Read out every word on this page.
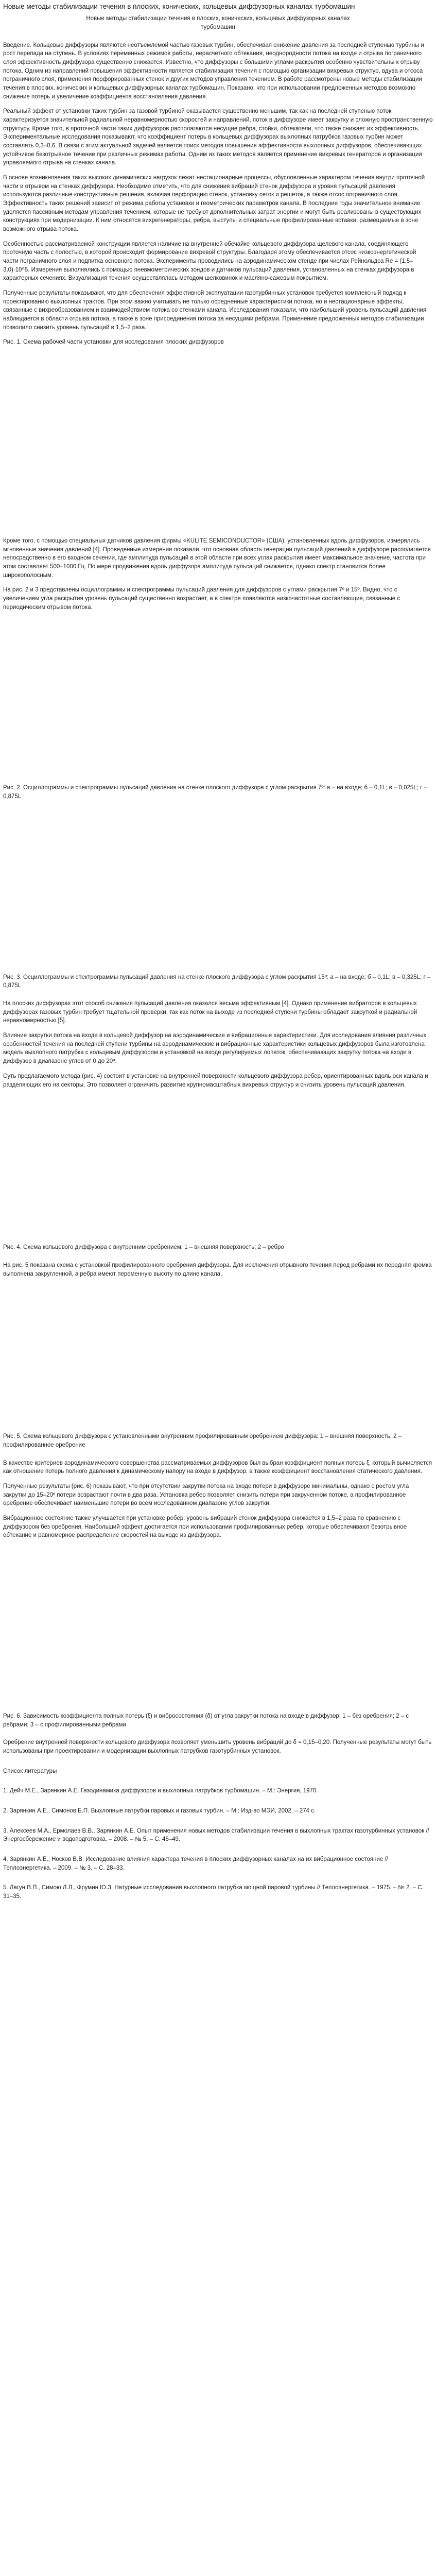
Новые методы стабилизации течения в плоских, конических, кольцевых диффузорных каналах турбомашин
Новые методы стабилизации течения в плоских, конических, кольцевых диффузорных каналах турбомашин

Введение. Кольцевые диффузоры являются неотъемлемой частью газовых турбин, обеспечивая снижение давления за последней ступенью турбины и рост перепада на ступень. В условиях переменных режимов работы, нерасчетного обтекания, неоднородности потока на входе и отрыва пограничного слоя эффективность диффузора существенно снижается. Известно, что диффузоры с большими углами раскрытия особенно чувствительны к отрыву потока. Одним из направлений повышения эффективности является стабилизация течения с помощью организации вихревых структур, вдува и отсоса пограничного слоя, применения перфорированных стенок и других методов управления течением. В работе рассмотрены новые методы стабилизации течения в плоских, конических и кольцевых диффузорных каналах турбомашин. Показано, что при использовании предложенных методов возможно снижение потерь и увеличение коэффициента восстановления давления.

Реальный эффект от установки таких турбин за газовой турбиной оказывается существенно меньшим, так как на последней ступенью поток характеризуется значительной радиальной неравномерностью скоростей и направлений, поток в диффузоре имеет закрутку и сложную пространственную структуру. Кроме того, в проточной части таких диффузоров располагаются несущие ребра, стойки, обтекатели, что также снижает их эффективность. Экспериментальные исследования показывают, что коэффициент потерь в кольцевых диффузорах выхлопных патрубков газовых турбин может составлять 0,3–0,6. В связи с этим актуальной задачей является поиск методов повышения эффективности выхлопных диффузоров, обеспечивающих устойчивое безотрывное течение при различных режимах работы. Одним из таких методов является применение вихревых генераторов и организация управляемого отрыва на стенках канала.

В основе возникновения таких высоких динамических нагрузок лежат нестационарные процессы, обусловленные характером течения внутри проточной части и отрывом на стенках диффузора. Необходимо отметить, что для снижения вибраций стенок диффузора и уровня пульсаций давления используются различные конструктивные решения, включая перфорацию стенок, установку сеток и решеток, а также отсос пограничного слоя. Эффективность таких решений зависит от режима работы установки и геометрических параметров канала. В последние годы значительное внимание уделяется пассивным методам управления течением, которые не требуют дополнительных затрат энергии и могут быть реализованы в существующих конструкциях при модернизации. К ним относятся вихрегенераторы, ребра, выступы и специальные профилированные вставки, размещаемые в зоне возможного отрыва потока.

Особенностью рассматриваемой конструкции является наличие на внутренней обечайке кольцевого диффузора щелевого канала, соединяющего проточную часть с полостью, в которой происходит формирование вихревой структуры. Благодаря этому обеспечивается отсос низкоэнергетической части пограничного слоя и подпитка основного потока. Эксперименты проводились на аэродинамическом стенде при числах Рейнольдса Re = (1,5–3,0)·10^5. Измерения выполнялись с помощью пневмометрических зондов и датчиков пульсаций давления, установленных на стенках диффузора в характерных сечениях. Визуализация течения осуществлялась методом шелковинок и масляно-сажевым покрытием.

Полученные результаты показывают, что для обеспечения эффективной эксплуатации газотурбинных установок требуется комплексный подход к проектированию выхлопных трактов. При этом важно учитывать не только осредненные характеристики потока, но и нестационарные эффекты, связанные с вихреобразованием и взаимодействием потока со стенками канала. Исследования показали, что наибольший уровень пульсаций давления наблюдается в области отрыва потока, а также в зоне присоединения потока за несущими ребрами. Применение предложенных методов стабилизации позволило снизить уровень пульсаций в 1,5–2 раза.

Рис. 1. Схема рабочей части установки для исследования плоских диффузоров

Кроме того, с помощью специальных датчиков давления фирмы «KULITE SEMICONDUCTOR» (США), установленных вдоль диффузоров, измерялись мгновенные значения давлений [4]. Проведенные измерения показали, что основная область генерации пульсаций давлений в диффузоре располагается непосредственно в его входном сечении, где амплитуда пульсаций в этой области при всех углах раскрытия имеет максимальное значение, частота при этом составляет 500–1000 Гц. По мере продвижения вдоль диффузора амплитуда пульсаций снижается, однако спектр становится более широкополосным.

На рис. 2 и 3 представлены осциллограммы и спектрограммы пульсаций давления для диффузоров с углами раскрытия 7º и 15º. Видно, что с увеличением угла раскрытия уровень пульсаций существенно возрастает, а в спектре появляются низкочастотные составляющие, связанные с периодическим отрывом потока.

Рис. 2. Осциллограммы и спектрограммы пульсаций давления на стенке плоского диффузора с углом раскрытия 7º: а – на входе; б – 0,1L; в – 0,025L; г – 0,875L
Рис. 3. Осциллограммы и спектрограммы пульсаций давления на стенке плоского диффузора с углом раскрытия 15º: а – на входе; б – 0,1L; в – 0,325L; г – 0,875L

На плоских диффузорах этот способ снижения пульсаций давления оказался весьма эффективным [4]. Однако применение вибраторов в кольцевых диффузорах газовых турбин требует тщательной проверки, так как поток на выходе из последней ступени турбины обладает закруткой и радиальной неравномерностью [5].

Влияние закрутки потока на входе в кольцевой диффузор на аэродинамические и вибрационные характеристики. Для исследования влияния различных особенностей течения на последней ступени турбины на аэродинамические и вибрационные характеристики кольцевых диффузоров была изготовлена модель выхлопного патрубка с кольцевым диффузором и установкой на входе регулируемых лопаток, обеспечивающих закрутку потока на входе в диффузор в диапазоне углов от 0 до 20º.

Суть предлагаемого метода (рис. 4) состоит в установке на внутренней поверхности кольцевого диффузора ребер, ориентированных вдоль оси канала и разделяющих его на секторы. Это позволяет ограничить развитие крупномасштабных вихревых структур и снизить уровень пульсаций давления.

Рис. 4. Схема кольцевого диффузора с внутренним оребрением: 1 – внешняя поверхность; 2 – ребро

На рис. 5 показана схема с установкой профилированного оребрения диффузора. Для исключения отрывного течения перед ребрами их передняя кромка выполнена закругленной, а ребра имеют переменную высоту по длине канала.

Рис. 5. Схема кольцевого диффузора с установленными внутренним профилированным оребрением диффузора: 1 – внешняя поверхность; 2 – профилированное оребрение

В качестве критериев аэродинамического совершенства рассматриваемых диффузоров был выбран коэффициент полных потерь ξ, который вычисляется как отношение потерь полного давления к динамическому напору на входе в диффузор, а также коэффициент восстановления статического давления.

Полученные результаты (рис. 6) показывают, что при отсутствии закрутки потока на входе потери в диффузоре минимальны, однако с ростом угла закрутки до 15–20º потери возрастают почти в два раза. Установка ребер позволяет снизить потери при закрученном потоке, а профилированное оребрение обеспечивает наименьшие потери во всем исследованном диапазоне углов закрутки.

Вибрационное состояние также улучшается при установке ребер: уровень вибраций стенок диффузора снижается в 1,5–2 раза по сравнению с диффузором без оребрения. Наибольший эффект достигается при использовании профилированных ребер, которые обеспечивают безотрывное обтекание и равномерное распределение скоростей на выходе из диффузора.

Рис. 6. Зависимость коэффициента полных потерь (ξ) и вибросостояния (δ) от угла закрутки потока на входе в диффузор: 1 – без оребрения; 2 – с ребрами; 3 – с профилированными ребрами

Оребрение внутренней поверхности кольцевого диффузора позволяет уменьшить уровень вибраций до δ = 0,15–0,20. Полученные результаты могут быть использованы при проектировании и модернизации выхлопных патрубков газотурбинных установок.

Список литературы
1. Дейч М.Е., Зарянкин А.Е. Газодинамика диффузоров и выхлопных патрубков турбомашин. – М.: Энергия, 1970.
2. Зарянкин А.Е., Симонов Б.П. Выхлопные патрубки паровых и газовых турбин. – М.: Изд-во МЭИ, 2002. – 274 с.
3. Алексеев М.А., Ермолаев В.В., Зарянкин А.Е. Опыт применения новых методов стабилизации течения в выхлопных трактах газотурбинных установок // Энергосбережение и водоподготовка. – 2008. – № 5. – С. 46–49.
4. Зарянкин А.Е., Носков В.В. Исследование влияния характера течения в плоских диффузорных каналах на их вибрационное состояние // Теплоэнергетика. – 2009. – № 3. – С. 28–33.
5. Лагун В.П., Симою Л.Л., Фрумин Ю.З. Натурные исследования выхлопного патрубка мощной паровой турбины // Теплоэнергетика. – 1975. – № 2. – С. 31–35.
